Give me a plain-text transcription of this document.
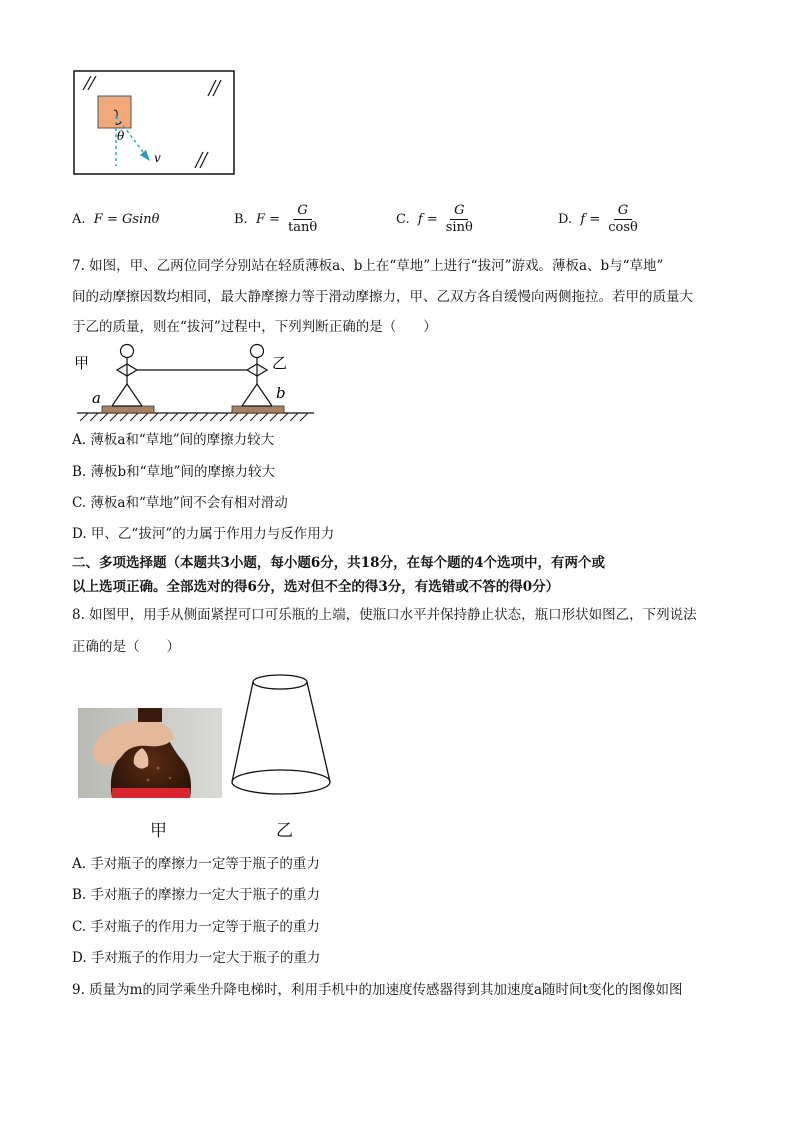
θ
v
A.
F
=
Gsinθ	B.
F
= $\frac{G}{\tan\theta}$	C.
f
= $\frac{G}{\sin\theta}$	D.
f
= $\frac{G}{\cos\theta}$
7. 如图，甲、乙两位同学分别站在轻质薄板a、b上在“草地”上进行“拔河”游戏。薄板a、b与“草地”
间的动摩擦因数均相同，最大静摩擦力等于滑动摩擦力，甲、乙双方各自缓慢向两侧拖拉。若甲的质量大
于乙的质量，则在“拔河”过程中，下列判断正确的是（　　）
甲	乙
a	b
A. 薄板a和“草地”间的摩擦力较大
B. 薄板b和“草地”间的摩擦力较大
C. 薄板a和“草地”间不会有相对滑动
D. 甲、乙“拔河”的力属于作用力与反作用力
二、多项选择题（本题共3小题，每小题6分，共18分，在每个题的4个选项中，有两个或
以上选项正确。全部选对的得6分，选对但不全的得3分，有选错或不答的得0分）
8. 如图甲，用手从侧面紧捏可口可乐瓶的上端，使瓶口水平并保持静止状态，瓶口形状如图乙，下列说法
正确的是（　　）
甲	乙
A. 手对瓶子的摩擦力一定等于瓶子的重力
B. 手对瓶子的摩擦力一定大于瓶子的重力
C. 手对瓶子的作用力一定等于瓶子的重力
D. 手对瓶子的作用力一定大于瓶子的重力
9. 质量为m的同学乘坐升降电梯时，利用手机中的加速度传感器得到其加速度a随时间t变化的图像如图
